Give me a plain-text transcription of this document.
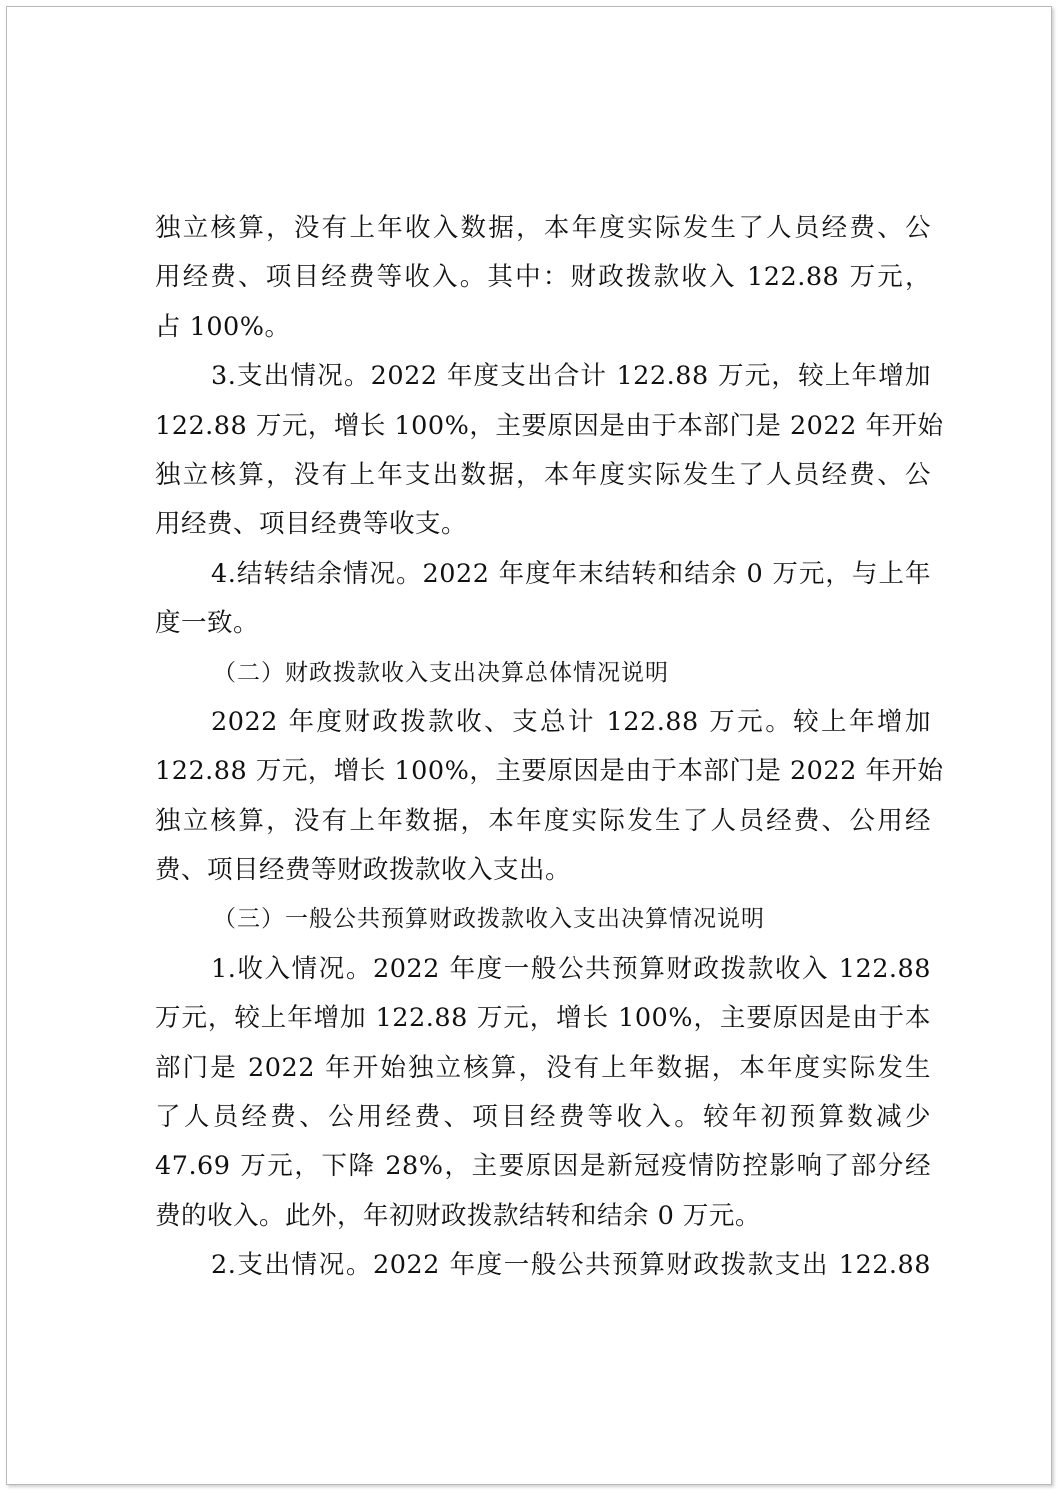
独立核算，没有上年收入数据，本年度实际发生了人员经费、公
用经费、项目经费等收入。其中：财政拨款收入 122.88 万元，
占 100%。
3.支出情况。2022 年度支出合计 122.88 万元，较上年增加
122.88 万元，增长 100%，主要原因是由于本部门是 2022 年开始
独立核算，没有上年支出数据，本年度实际发生了人员经费、公
用经费、项目经费等收支。
4.结转结余情况。2022 年度年末结转和结余 0 万元，与上年
度一致。
（二）财政拨款收入支出决算总体情况说明
2022 年度财政拨款收、支总计 122.88 万元。较上年增加
122.88 万元，增长 100%，主要原因是由于本部门是 2022 年开始
独立核算，没有上年数据，本年度实际发生了人员经费、公用经
费、项目经费等财政拨款收入支出。
（三）一般公共预算财政拨款收入支出决算情况说明
1.收入情况。2022 年度一般公共预算财政拨款收入 122.88
万元，较上年增加 122.88 万元，增长 100%，主要原因是由于本
部门是 2022 年开始独立核算，没有上年数据，本年度实际发生
了人员经费、公用经费、项目经费等收入。较年初预算数减少
47.69 万元，下降 28%，主要原因是新冠疫情防控影响了部分经
费的收入。此外，年初财政拨款结转和结余 0 万元。
2.支出情况。2022 年度一般公共预算财政拨款支出 122.88
